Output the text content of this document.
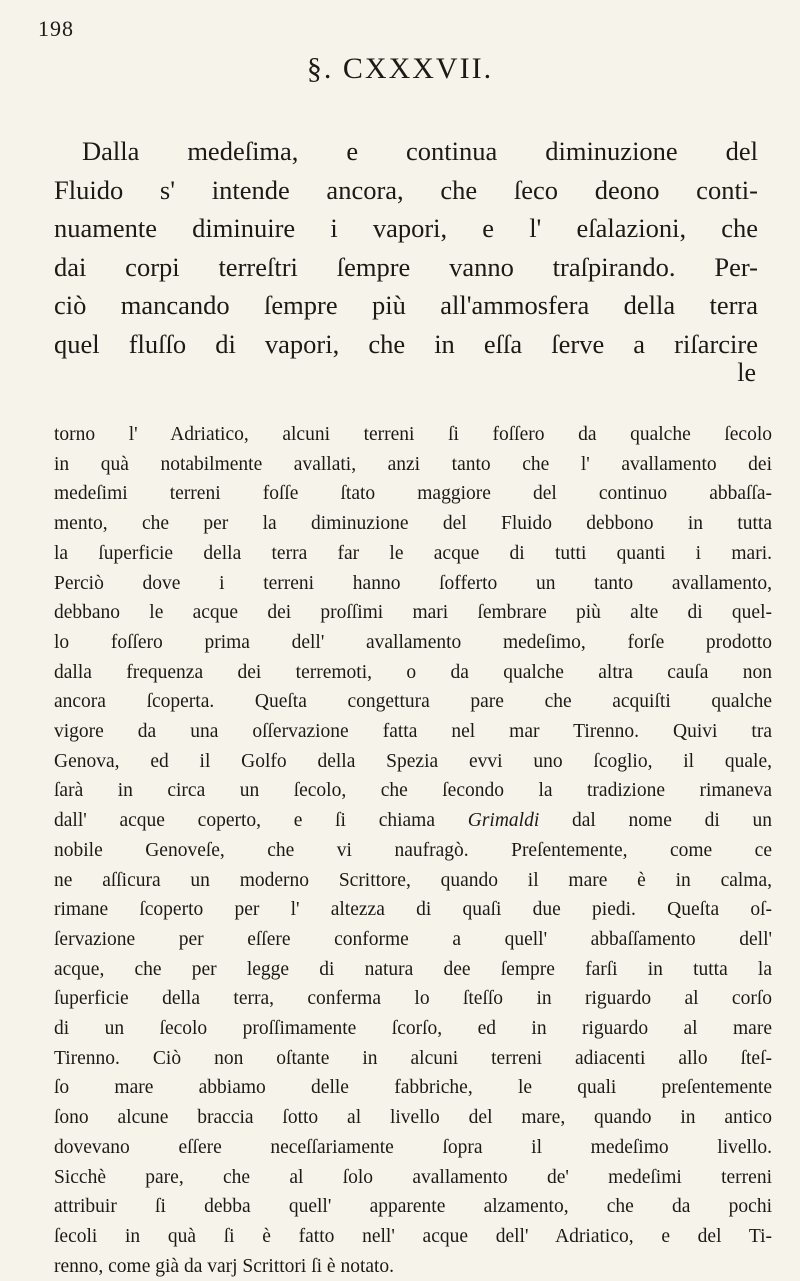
198
§. CXXXVII.
Dalla medeſima, e continua diminuzione del
Fluido s' intende ancora, che ſeco deono conti-
nuamente diminuire i vapori, e l' eſalazioni, che
dai corpi terreſtri ſempre vanno traſpirando. Per-
ciò mancando ſempre più all'ammosfera della terra
quel fluſſo di vapori, che in eſſa ſerve a riſarcire
le
torno l' Adriatico, alcuni terreni ſi foſſero da qualche ſecolo
in quà notabilmente avallati, anzi tanto che l' avallamento dei
medeſimi terreni foſſe ſtato maggiore del continuo abbaſſa-
mento, che per la diminuzione del Fluido debbono in tutta
la ſuperficie della terra far le acque di tutti quanti i mari.
Perciò dove i terreni hanno ſofferto un tanto avallamento,
debbano le acque dei proſſimi mari ſembrare più alte di quel-
lo foſſero prima dell' avallamento medeſimo, forſe prodotto
dalla frequenza dei terremoti, o da qualche altra cauſa non
ancora ſcoperta. Queſta congettura pare che acquiſti qualche
vigore da una oſſervazione fatta nel mar Tirenno. Quivi tra
Genova, ed il Golfo della Spezia evvi uno ſcoglio, il quale,
ſarà in circa un ſecolo, che ſecondo la tradizione rimaneva
dall' acque coperto, e ſi chiama Grimaldi dal nome di un
nobile Genoveſe, che vi naufragò. Preſentemente, come ce
ne aſſicura un moderno Scrittore, quando il mare è in calma,
rimane ſcoperto per l' altezza di quaſi due piedi. Queſta oſ-
ſervazione per eſſere conforme a quell' abbaſſamento dell'
acque, che per legge di natura dee ſempre farſi in tutta la
ſuperficie della terra, conferma lo ſteſſo in riguardo al corſo
di un ſecolo proſſimamente ſcorſo, ed in riguardo al mare
Tirenno. Ciò non oſtante in alcuni terreni adiacenti allo ſteſ-
ſo mare abbiamo delle fabbriche, le quali preſentemente
ſono alcune braccia ſotto al livello del mare, quando in antico
dovevano eſſere neceſſariamente ſopra il medeſimo livello.
Sicchè pare, che al ſolo avallamento de' medeſimi terreni
attribuir ſi debba quell' apparente alzamento, che da pochi
ſecoli in quà ſi è fatto nell' acque dell' Adriatico, e del Ti-
renno, come già da varj Scrittori ſi è notato.
